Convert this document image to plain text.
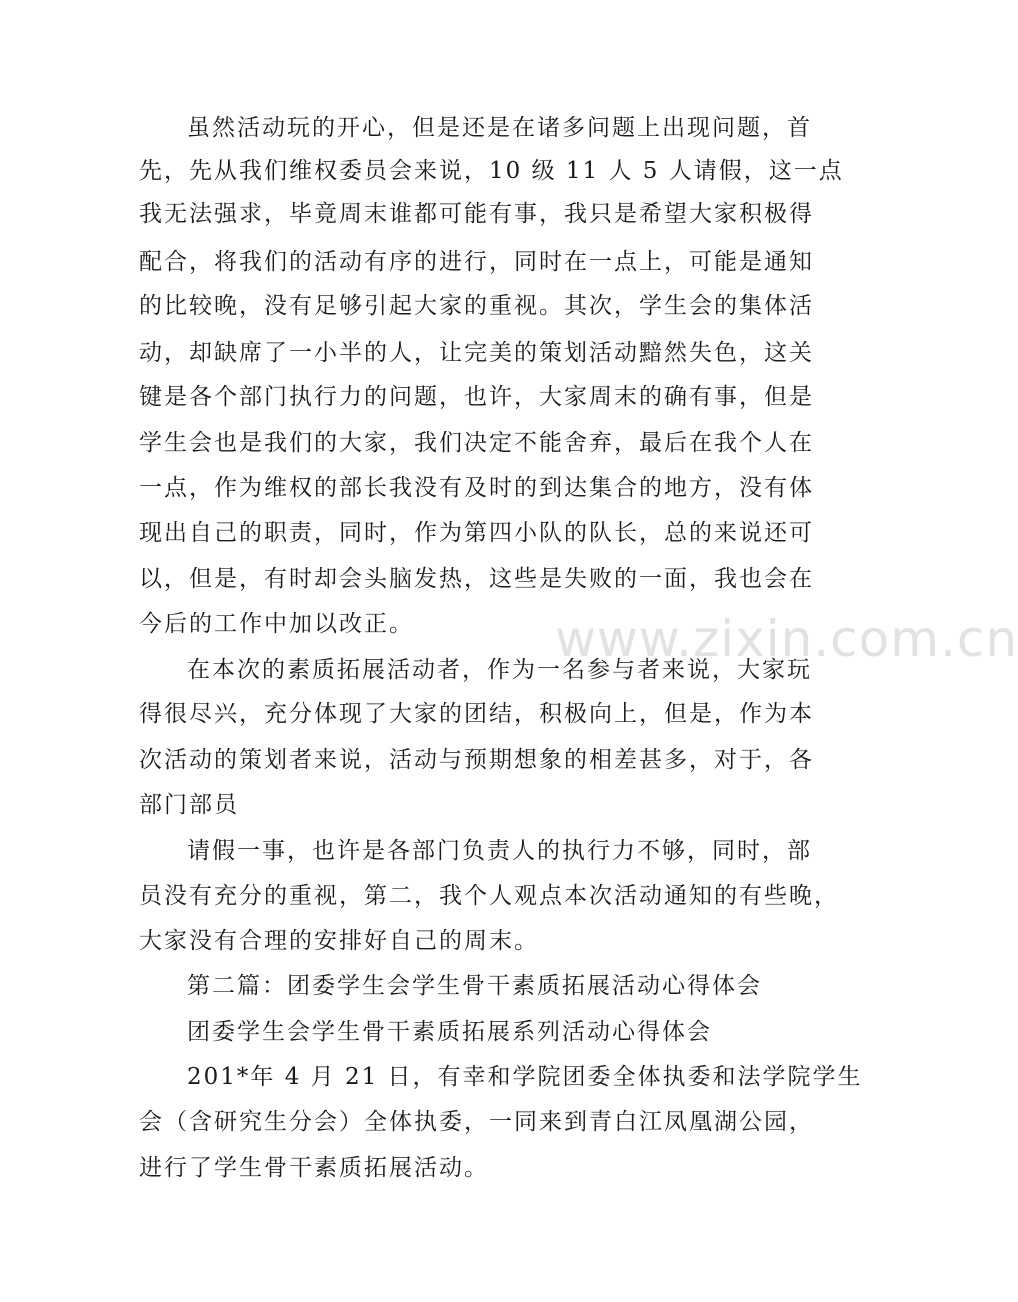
www.zixin.com.cn
虽然活动玩的开心，但是还是在诸多问题上出现问题，首
先，先从我们维权委员会来说，10 级 11 人 5 人请假，这一点
我无法强求，毕竟周末谁都可能有事，我只是希望大家积极得
配合，将我们的活动有序的进行，同时在一点上，可能是通知
的比较晚，没有足够引起大家的重视。其次，学生会的集体活
动，却缺席了一小半的人，让完美的策划活动黯然失色，这关
键是各个部门执行力的问题，也许，大家周末的确有事，但是
学生会也是我们的大家，我们决定不能舍弃，最后在我个人在
一点，作为维权的部长我没有及时的到达集合的地方，没有体
现出自己的职责，同时，作为第四小队的队长，总的来说还可
以，但是，有时却会头脑发热，这些是失败的一面，我也会在
今后的工作中加以改正。
在本次的素质拓展活动者，作为一名参与者来说，大家玩
得很尽兴，充分体现了大家的团结，积极向上，但是，作为本
次活动的策划者来说，活动与预期想象的相差甚多，对于，各
部门部员
请假一事，也许是各部门负责人的执行力不够，同时，部
员没有充分的重视，第二，我个人观点本次活动通知的有些晚，
大家没有合理的安排好自己的周末。
第二篇：团委学生会学生骨干素质拓展活动心得体会
团委学生会学生骨干素质拓展系列活动心得体会
201*年 4 月 21 日，有幸和学院团委全体执委和法学院学生
会（含研究生分会）全体执委，一同来到青白江凤凰湖公园，
进行了学生骨干素质拓展活动。
